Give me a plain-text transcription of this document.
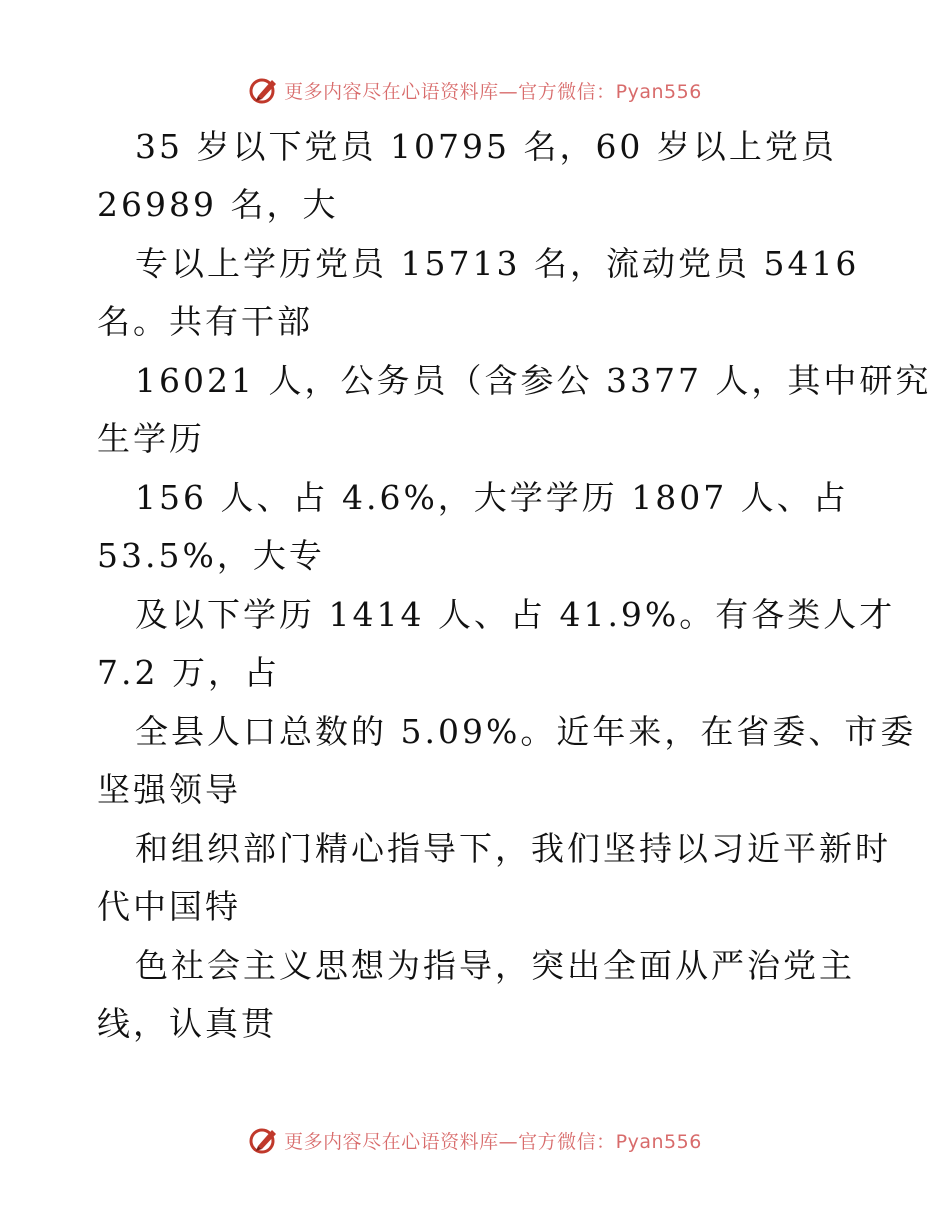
更多内容尽在心语资料库—官方微信：Pyan556
35 岁以下党员 10795 名，60 岁以上党员
26989 名，大
专以上学历党员 15713 名，流动党员 5416
名。共有干部
16021 人，公务员（含参公 3377 人，其中研究
生学历
156 人、占 4.6%，大学学历 1807 人、占
53.5%，大专
及以下学历 1414 人、占 41.9%。有各类人才
7.2 万，占
全县人口总数的 5.09%。近年来，在省委、市委
坚强领导
和组织部门精心指导下，我们坚持以习近平新时
代中国特
色社会主义思想为指导，突出全面从严治党主
线，认真贯
更多内容尽在心语资料库—官方微信：Pyan556
